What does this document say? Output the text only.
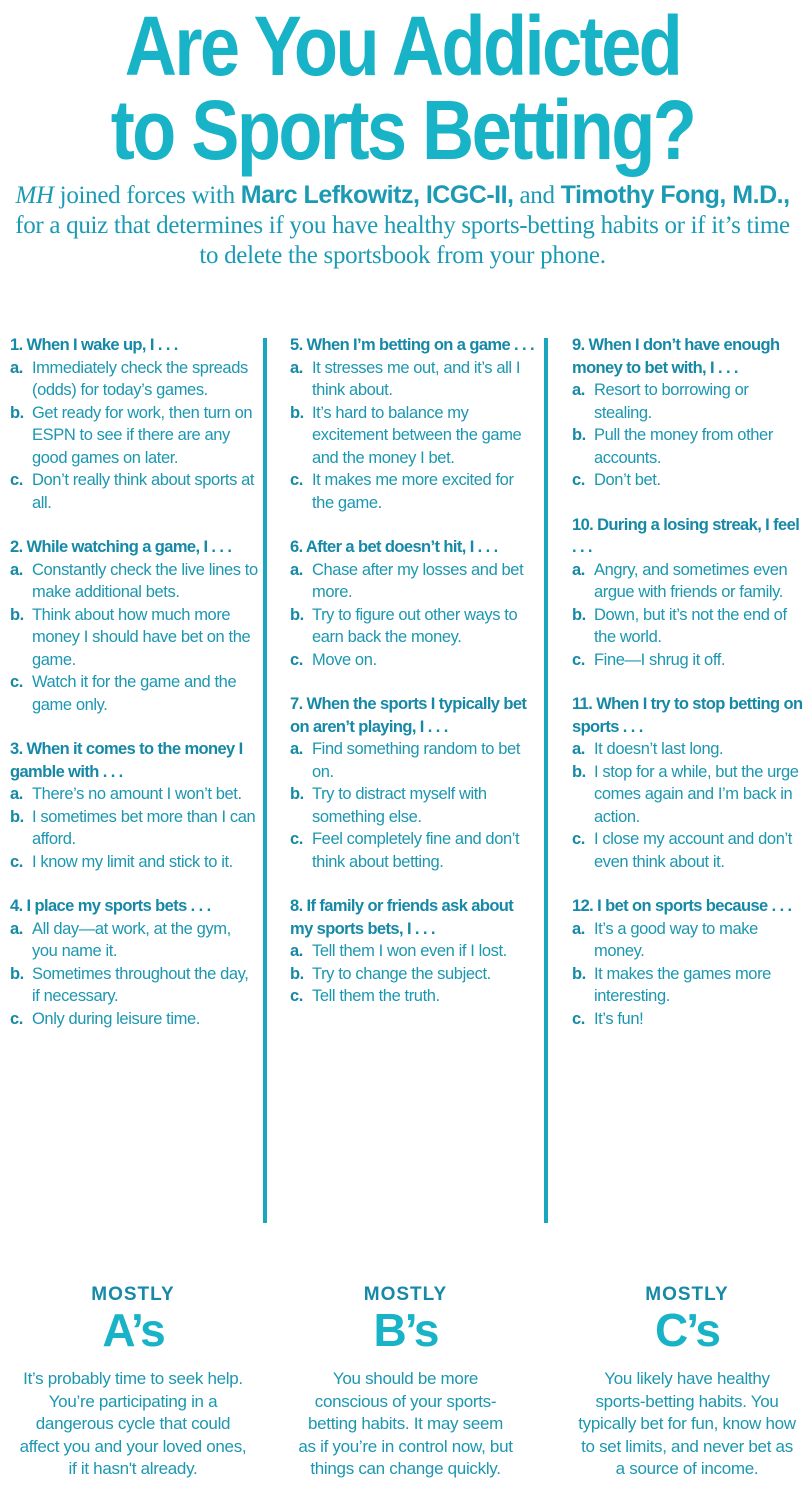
Are You Addicted
to Sports Betting?

MH joined forces with Marc Lefkowitz, ICGC-II, and Timothy Fong, M.D., for a quiz that determines if you have healthy sports-betting habits or if it’s time to delete the sportsbook from your phone.

1. When I wake up, I . . .
a. Immediately check the spreads (odds) for today’s games.
b. Get ready for work, then turn on ESPN to see if there are any good games on later.
c. Don’t really think about sports at all.
2. While watching a game, I . . .
a. Constantly check the live lines to make additional bets.
b. Think about how much more money I should have bet on the game.
c. Watch it for the game and the game only.
3. When it comes to the money I gamble with . . .
a. There’s no amount I won’t bet.
b. I sometimes bet more than I can afford.
c. I know my limit and stick to it.
4. I place my sports bets . . .
a. All day—at work, at the gym, you name it.
b. Sometimes throughout the day, if necessary.
c. Only during leisure time.
5. When I’m betting on a game . . .
a. It stresses me out, and it’s all I think about.
b. It’s hard to balance my excitement between the game and the money I bet.
c. It makes me more excited for the game.
6. After a bet doesn’t hit, I . . .
a. Chase after my losses and bet more.
b. Try to figure out other ways to earn back the money.
c. Move on.
7. When the sports I typically bet on aren’t playing, I . . .
a. Find something random to bet on.
b. Try to distract myself with something else.
c. Feel completely fine and don’t think about betting.
8. If family or friends ask about my sports bets, I . . .
a. Tell them I won even if I lost.
b. Try to change the subject.
c. Tell them the truth.
9. When I don’t have enough money to bet with, I . . .
a. Resort to borrowing or stealing.
b. Pull the money from other accounts.
c. Don’t bet.
10. During a losing streak, I feel . . .
a. Angry, and sometimes even argue with friends or family.
b. Down, but it’s not the end of the world.
c. Fine—I shrug it off.
11. When I try to stop betting on sports . . .
a. It doesn’t last long.
b. I stop for a while, but the urge comes again and I’m back in action.
c. I close my account and don’t even think about it.
12. I bet on sports because . . .
a. It’s a good way to make money.
b. It makes the games more interesting.
c. It’s fun!
MOSTLY
A’s
It’s probably time to seek help. You’re participating in a dangerous cycle that could affect you and your loved ones, if it hasn't already.
MOSTLY
B’s
You should be more conscious of your sports-betting habits. It may seem as if you’re in control now, but things can change quickly.
MOSTLY
C’s
You likely have healthy sports-betting habits. You typically bet for fun, know how to set limits, and never bet as a source of income.
